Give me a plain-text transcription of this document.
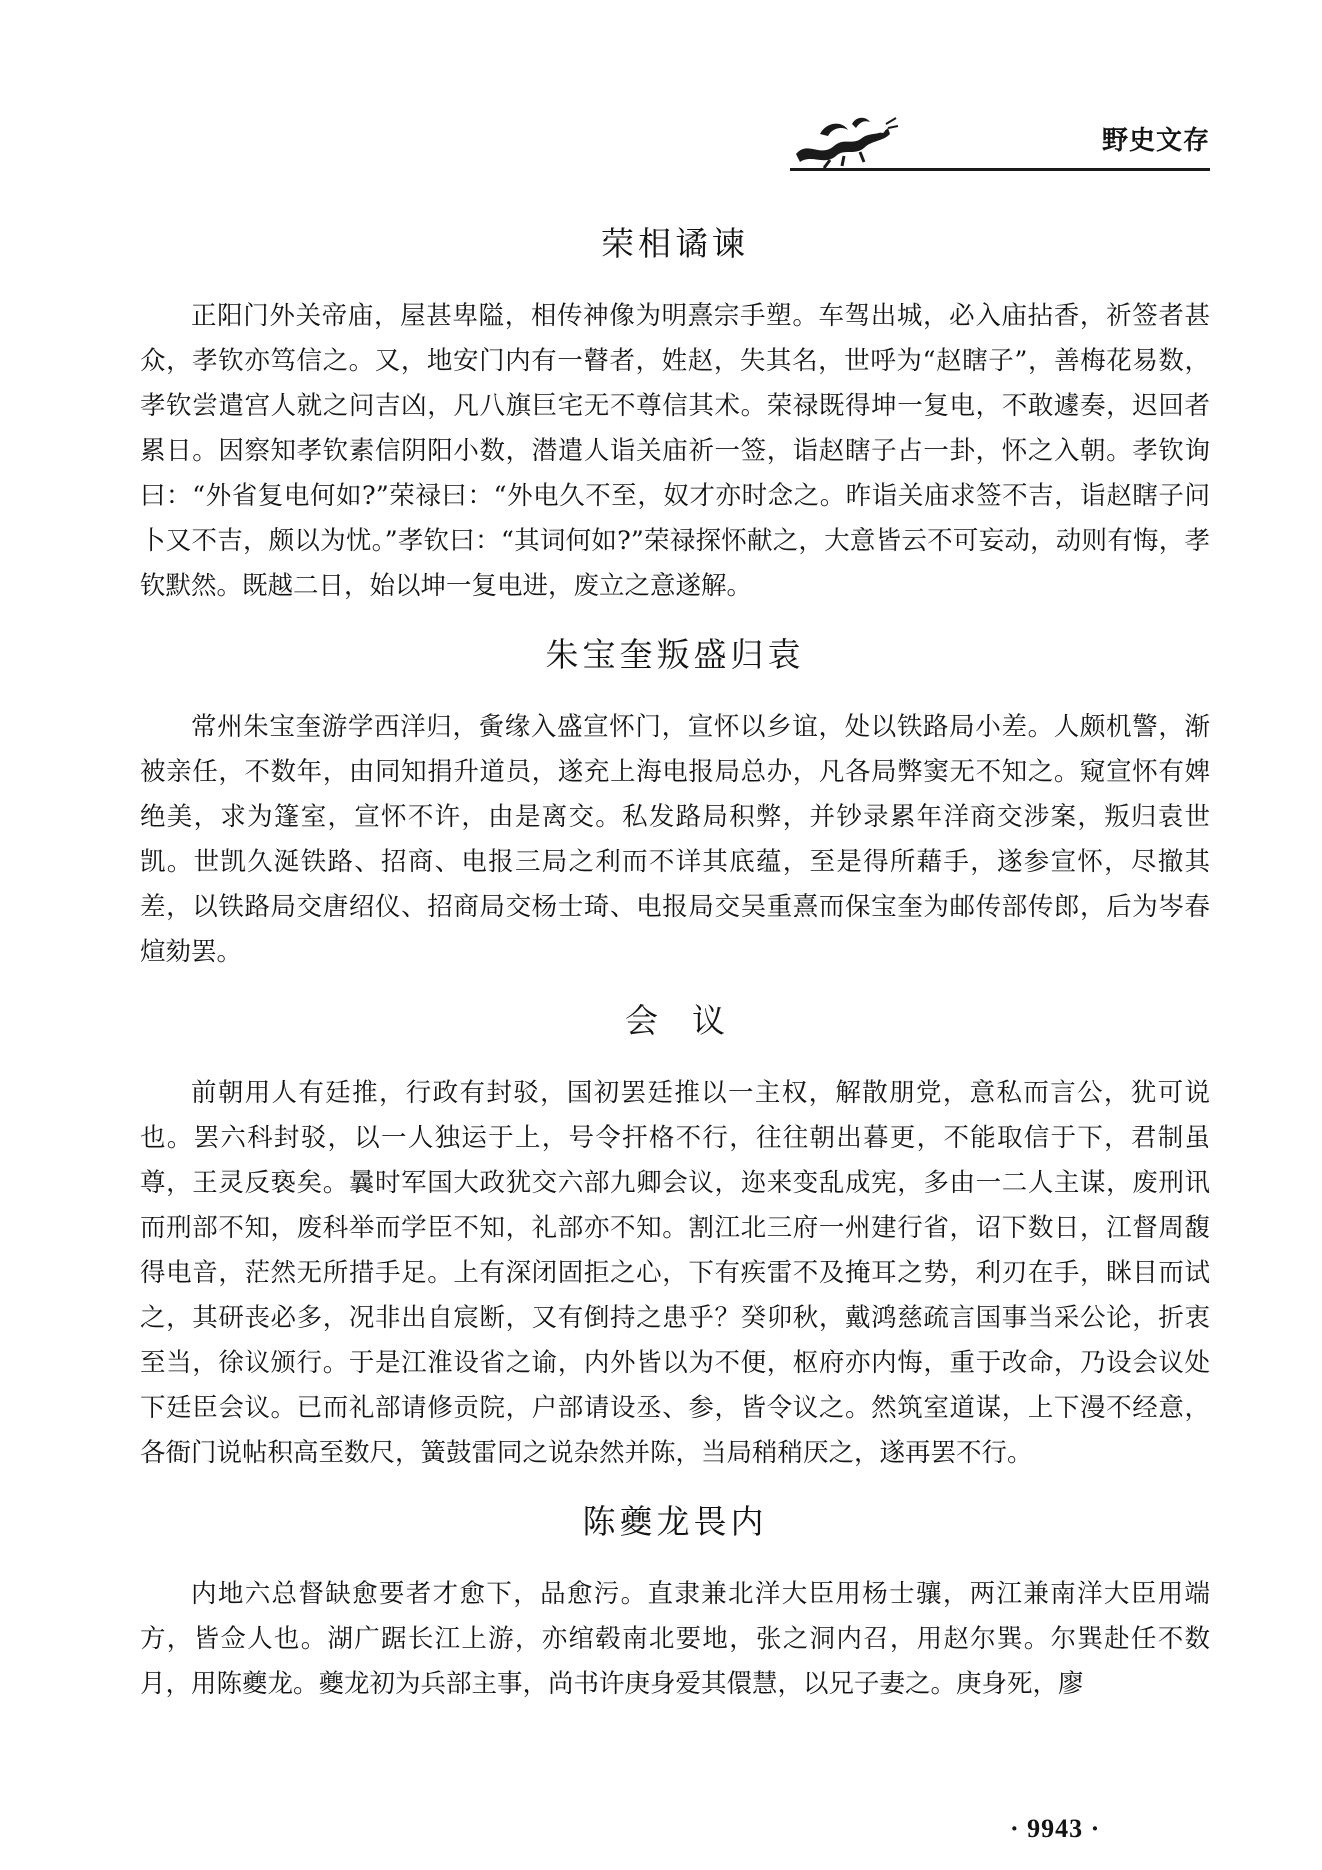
野史文存
荣相谲谏

正阳门外关帝庙，屋甚卑隘，相传神像为明熹宗手塑。车驾出城，必入庙拈香，祈签者甚众，孝钦亦笃信之。又，地安门内有一瞽者，姓赵，失其名，世呼为“赵瞎子”，善梅花易数，孝钦尝遣宫人就之问吉凶，凡八旗巨宅无不尊信其术。荣禄既得坤一复电，不敢遽奏，迟回者累日。因察知孝钦素信阴阳小数，潜遣人诣关庙祈一签，诣赵瞎子占一卦，怀之入朝。孝钦询曰：“外省复电何如?”荣禄曰：“外电久不至，奴才亦时念之。昨诣关庙求签不吉，诣赵瞎子问卜又不吉，颇以为忧。”孝钦曰：“其词何如?”荣禄探怀献之，大意皆云不可妄动，动则有悔，孝钦默然。既越二日，始以坤一复电进，废立之意遂解。

朱宝奎叛盛归袁

常州朱宝奎游学西洋归，夤缘入盛宣怀门，宣怀以乡谊，处以铁路局小差。人颇机警，渐被亲任，不数年，由同知捐升道员，遂充上海电报局总办，凡各局弊窦无不知之。窥宣怀有婢绝美，求为篷室，宣怀不许，由是离交。私发路局积弊，并钞录累年洋商交涉案，叛归袁世凯。世凯久涎铁路、招商、电报三局之利而不详其底蕴，至是得所藉手，遂参宣怀，尽撤其差，以铁路局交唐绍仪、招商局交杨士琦、电报局交吴重熹而保宝奎为邮传部传郎，后为岑春煊劾罢。

会议

前朝用人有廷推，行政有封驳，国初罢廷推以一主权，解散朋党，意私而言公，犹可说也。罢六科封驳，以一人独运于上，号令扞格不行，往往朝出暮更，不能取信于下，君制虽尊，王灵反亵矣。曩时军国大政犹交六部九卿会议，迩来变乱成宪，多由一二人主谋，废刑讯而刑部不知，废科举而学臣不知，礼部亦不知。割江北三府一州建行省，诏下数日，江督周馥得电音，茫然无所措手足。上有深闭固拒之心，下有疾雷不及掩耳之势，利刃在手，眯目而试之，其研丧必多，况非出自宸断，又有倒持之患乎？癸卯秋，戴鸿慈疏言国事当采公论，折衷至当，徐议颁行。于是江淮设省之谕，内外皆以为不便，枢府亦内悔，重于改命，乃设会议处下廷臣会议。已而礼部请修贡院，户部请设丞、参，皆令议之。然筑室道谋，上下漫不经意，各衙门说帖积高至数尺，簧鼓雷同之说杂然并陈，当局稍稍厌之，遂再罢不行。

陈夔龙畏内

内地六总督缺愈要者才愈下，品愈污。直隶兼北洋大臣用杨士骧，两江兼南洋大臣用端方，皆佥人也。湖广踞长江上游，亦绾毂南北要地，张之洞内召，用赵尔巽。尔巽赴任不数月，用陈夔龙。夔龙初为兵部主事，尚书许庚身爱其儇慧，以兄子妻之。庚身死，廖

· 9943 ·
